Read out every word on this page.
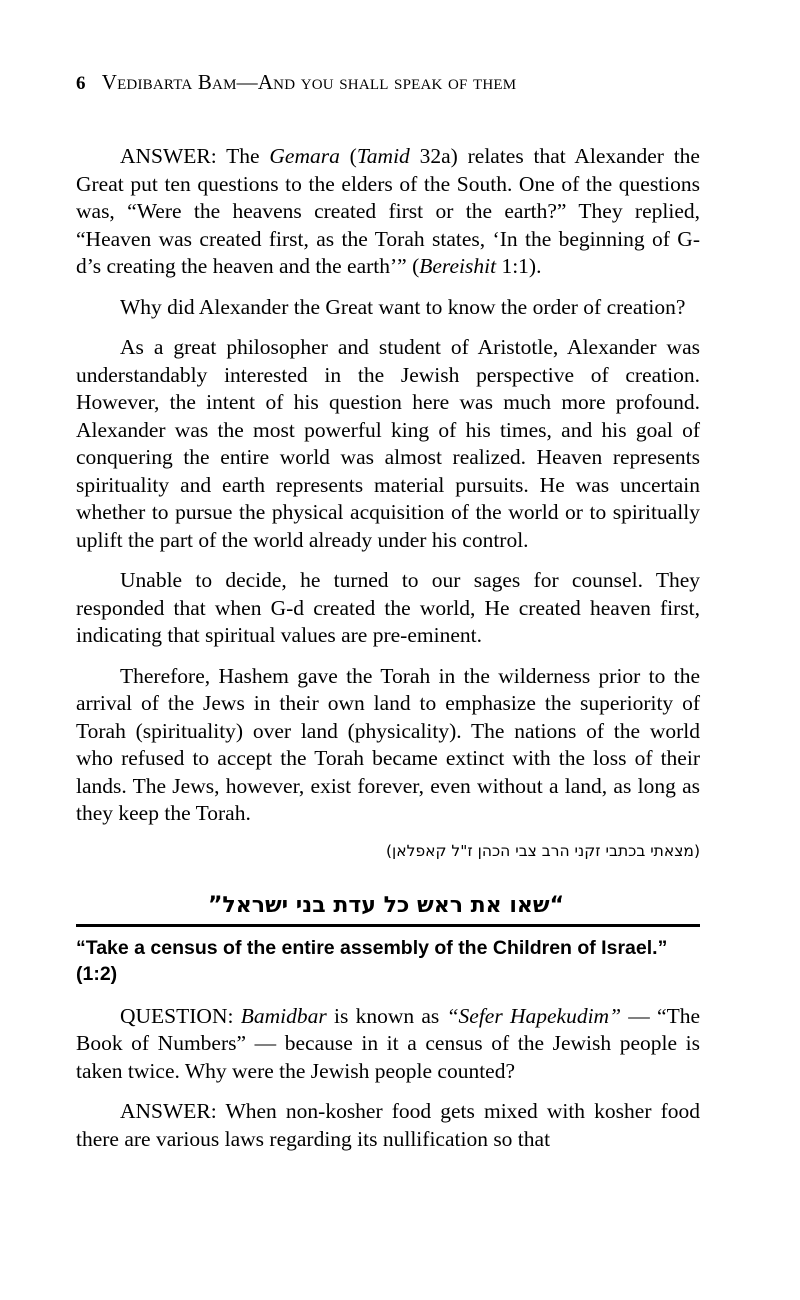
6 Vedibarta Bam—And you shall speak of them

ANSWER: The Gemara (Tamid 32a) relates that Alexander the Great put ten questions to the elders of the South. One of the questions was, “Were the heavens created first or the earth?” They replied, “Heaven was created first, as the Torah states, ‘In the beginning of G-d’s creating the heaven and the earth’” (Bereishit 1:1).

Why did Alexander the Great want to know the order of creation?

As a great philosopher and student of Aristotle, Alexander was understandably interested in the Jewish perspective of creation. However, the intent of his question here was much more profound. Alexander was the most powerful king of his times, and his goal of conquering the entire world was almost realized. Heaven represents spirituality and earth represents material pursuits. He was uncertain whether to pursue the physical acquisition of the world or to spiritually uplift the part of the world already under his control.

Unable to decide, he turned to our sages for counsel. They responded that when G-d created the world, He created heaven first, indicating that spiritual values are pre-eminent.

Therefore, Hashem gave the Torah in the wilderness prior to the arrival of the Jews in their own land to emphasize the superiority of Torah (spirituality) over land (physicality). The nations of the world who refused to accept the Torah became extinct with the loss of their lands. The Jews, however, exist forever, even without a land, as long as they keep the Torah.

(מצאתי בכתבי זקני הרב צבי הכהן ז"ל קאפלאן)

“שאו את ראש כל עדת בני ישראל”
“Take a census of the entire assembly of the Children of Israel.” (1:2)

QUESTION: Bamidbar is known as “Sefer Hapekudim” — “The Book of Numbers” — because in it a census of the Jewish people is taken twice. Why were the Jewish people counted?

ANSWER: When non-kosher food gets mixed with kosher food there are various laws regarding its nullification so that
